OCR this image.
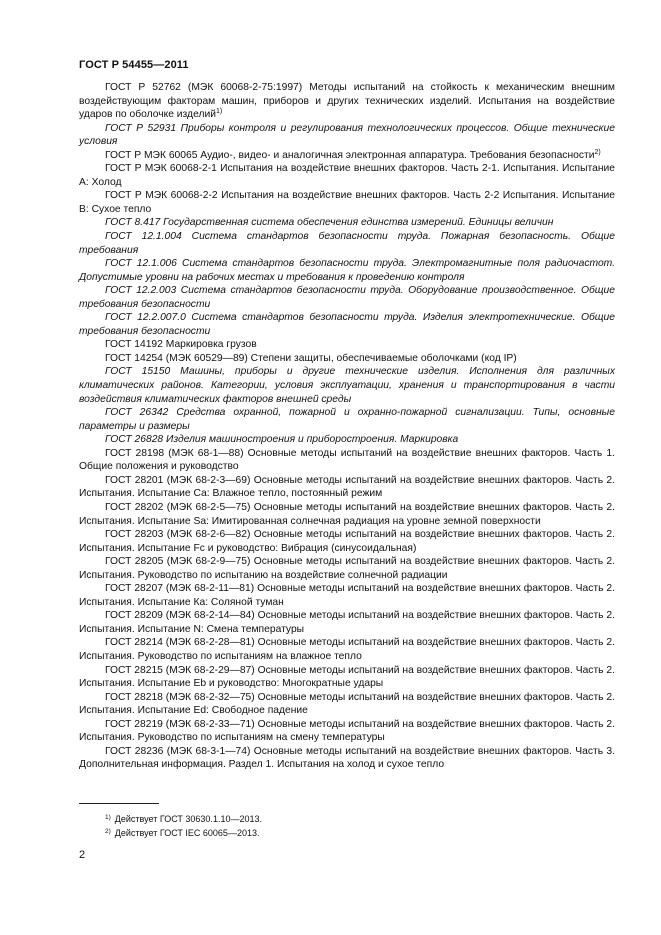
ГОСТ Р 54455—2011

ГОСТ Р 52762 (МЭК 60068-2-75:1997) Методы испытаний на стойкость к механическим внешним воздействующим факторам машин, приборов и других технических изделий. Испытания на воздействие ударов по оболочке изделий$^{1)}$

ГОСТ Р 52931 Приборы контроля и регулирования технологических процессов. Общие технические условия

ГОСТ Р МЭК 60065 Аудио-, видео- и аналогичная электронная аппаратура. Требования безопасности$^{2)}$

ГОСТ Р МЭК 60068-2-1 Испытания на воздействие внешних факторов. Часть 2-1. Испытания. Испытание А: Холод

ГОСТ Р МЭК 60068-2-2 Испытания на воздействие внешних факторов. Часть 2-2 Испытания. Испытание В: Сухое тепло

ГОСТ 8.417 Государственная система обеспечения единства измерений. Единицы величин

ГОСТ 12.1.004 Система стандартов безопасности труда. Пожарная безопасность. Общие требования

ГОСТ 12.1.006 Система стандартов безопасности труда. Электромагнитные поля радиочастот. Допустимые уровни на рабочих местах и требования к проведению контроля

ГОСТ 12.2.003 Система стандартов безопасности труда. Оборудование производственное. Общие требования безопасности

ГОСТ 12.2.007.0 Система стандартов безопасности труда. Изделия электротехнические. Общие требования безопасности

ГОСТ 14192 Маркировка грузов

ГОСТ 14254 (МЭК 60529—89) Степени защиты, обеспечиваемые оболочками (код IP)

ГОСТ 15150 Машины, приборы и другие технические изделия. Исполнения для различных климатических районов. Категории, условия эксплуатации, хранения и транспортирования в части воздействия климатических факторов внешней среды

ГОСТ 26342 Средства охранной, пожарной и охранно-пожарной сигнализации. Типы, основные параметры и размеры

ГОСТ 26828 Изделия машиностроения и приборостроения. Маркировка

ГОСТ 28198 (МЭК 68-1—88) Основные методы испытаний на воздействие внешних факторов. Часть 1. Общие положения и руководство

ГОСТ 28201 (МЭК 68-2-3—69) Основные методы испытаний на воздействие внешних факторов. Часть 2. Испытания. Испытание Са: Влажное тепло, постоянный режим

ГОСТ 28202 (МЭК 68-2-5—75) Основные методы испытаний на воздействие внешних факторов. Часть 2. Испытания. Испытание Sa: Имитированная солнечная радиация на уровне земной поверхности

ГОСТ 28203 (МЭК 68-2-6—82) Основные методы испытаний на воздействие внешних факторов. Часть 2. Испытания. Испытание Fc и руководство: Вибрация (синусоидальная)

ГОСТ 28205 (МЭК 68-2-9—75) Основные методы испытаний на воздействие внешних факторов. Часть 2. Испытания. Руководство по испытанию на воздействие солнечной радиации

ГОСТ 28207 (МЭК 68-2-11—81) Основные методы испытаний на воздействие внешних факторов. Часть 2. Испытания. Испытание Ка: Соляной туман

ГОСТ 28209 (МЭК 68-2-14—84) Основные методы испытаний на воздействие внешних факторов. Часть 2. Испытания. Испытание N: Смена температуры

ГОСТ 28214 (МЭК 68-2-28—81) Основные методы испытаний на воздействие внешних факторов. Часть 2. Испытания. Руководство по испытаниям на влажное тепло

ГОСТ 28215 (МЭК 68-2-29—87) Основные методы испытаний на воздействие внешних факторов. Часть 2. Испытания. Испытание Eb и руководство: Многократные удары

ГОСТ 28218 (МЭК 68-2-32—75) Основные методы испытаний на воздействие внешних факторов. Часть 2. Испытания. Испытание Ed: Свободное падение

ГОСТ 28219 (МЭК 68-2-33—71) Основные методы испытаний на воздействие внешних факторов. Часть 2. Испытания. Руководство по испытаниям на смену температуры

ГОСТ 28236 (МЭК 68-3-1—74) Основные методы испытаний на воздействие внешних факторов. Часть 3. Дополнительная информация. Раздел 1. Испытания на холод и сухое тепло

$^{1)}$ Действует ГОСТ 30630.1.10—2013.
$^{2)}$ Действует ГОСТ IEC 60065—2013.
2
